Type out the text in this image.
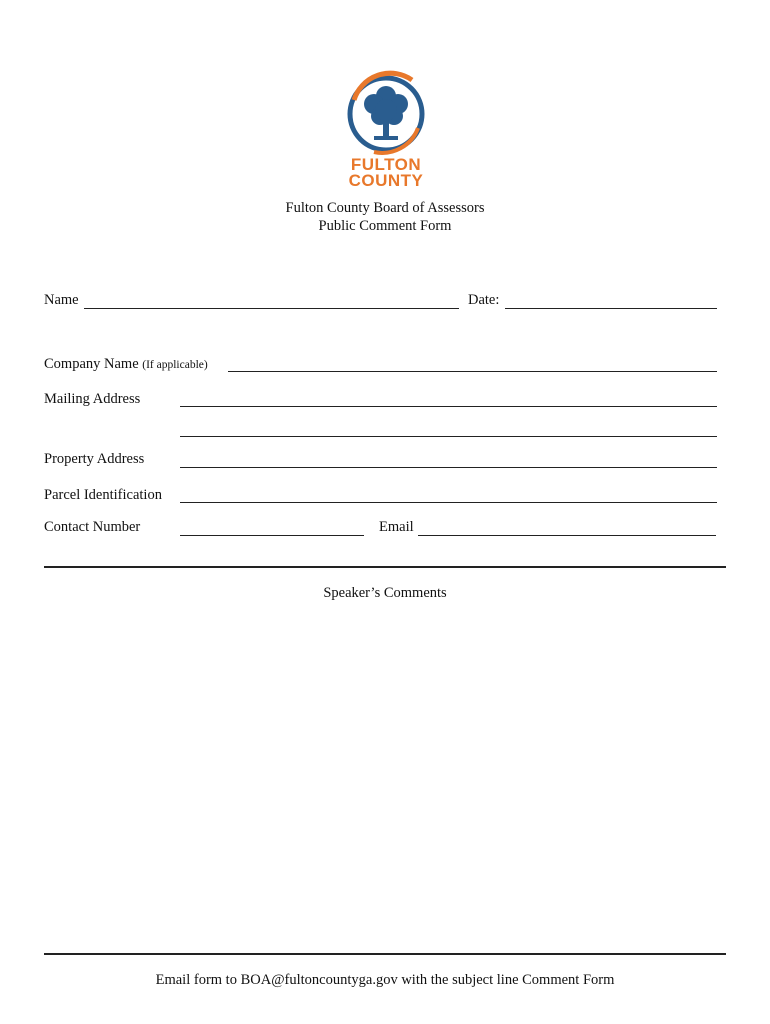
FULTON
COUNTY
Fulton County Board of Assessors
Public Comment Form
Name	Date:
Company Name (If applicable)
Mailing Address
Property Address
Parcel Identification
Contact Number	Email
Speaker’s Comments
Email form to BOA@fultoncountyga.gov with the subject line Comment Form
